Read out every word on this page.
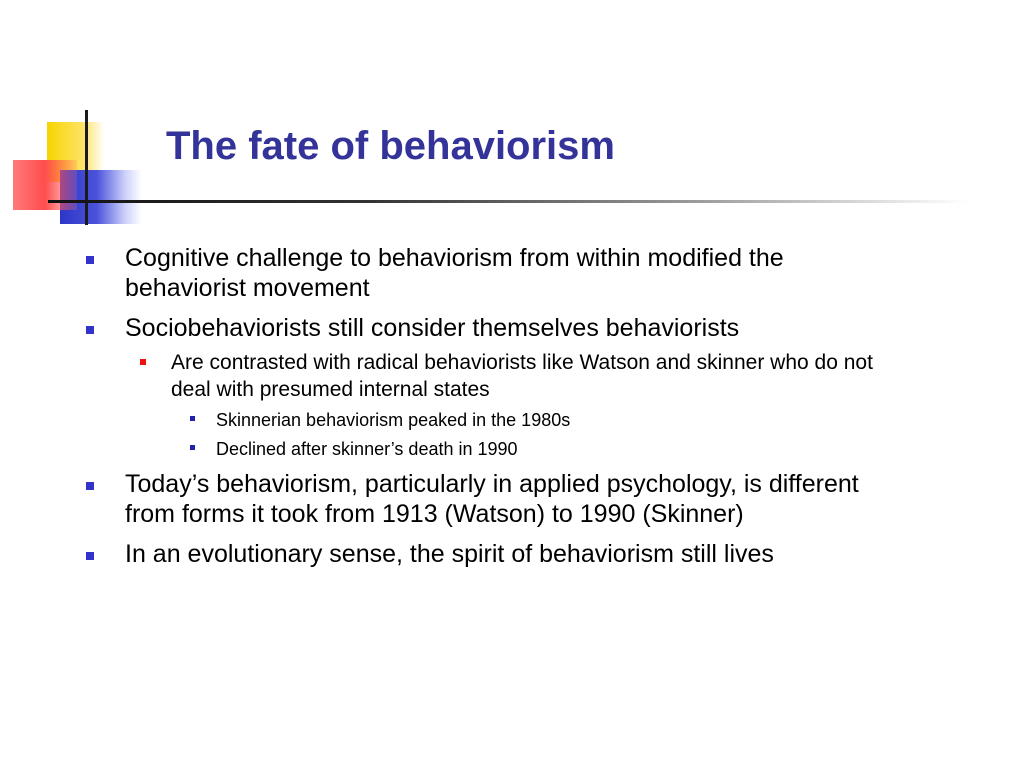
The fate of behaviorism
Cognitive challenge to behaviorism from within modified the behaviorist movement
Sociobehaviorists still consider themselves behaviorists
Are contrasted with radical behaviorists like Watson and skinner who do not deal with presumed internal states
Skinnerian behaviorism peaked in the 1980s
Declined after skinner’s death in 1990
Today’s behaviorism, particularly in applied psychology, is different from forms it took from 1913 (Watson) to 1990 (Skinner)
In an evolutionary sense, the spirit of behaviorism still lives
